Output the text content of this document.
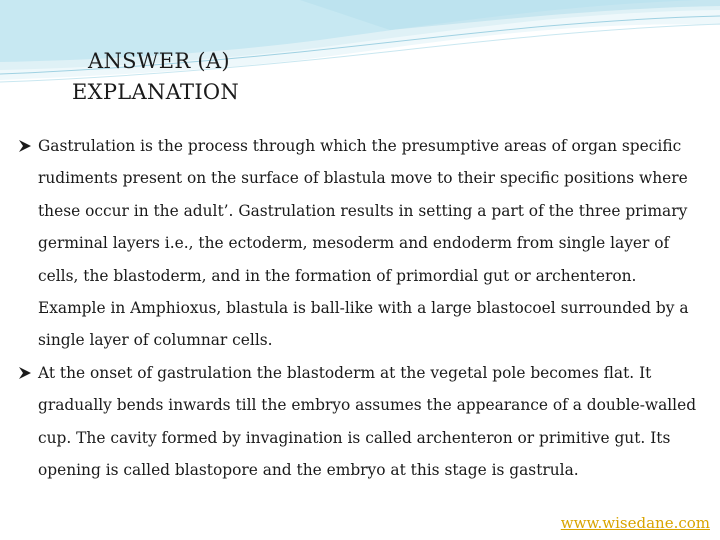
ANSWER (A)
EXPLANATION
Gastrulation is the process through which the presumptive areas of organ specific rudiments present on the surface of blastula move to their specific positions where these occur in the adult’. Gastrulation results in setting a part of the three primary germinal layers i.e., the ectoderm, mesoderm and endoderm from single layer of cells, the blastoderm, and in the formation of primordial gut or archenteron. Example in Amphioxus, blastula is ball-like with a large blastocoel surrounded by a single layer of columnar cells.
At the onset of gastrulation the blastoderm at the vegetal pole becomes flat. It gradually bends inwards till the embryo assumes the appearance of a double-walled cup. The cavity formed by invagination is called archenteron or primitive gut. Its opening is called blastopore and the embryo at this stage is gastrula.
www.wisedane.com
